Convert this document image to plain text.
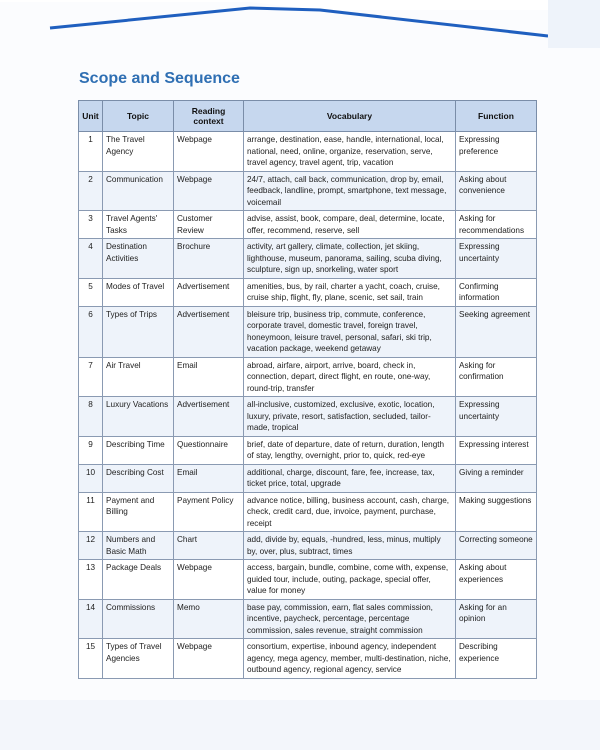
Scope and Sequence
Unit	Topic	Reading context	Vocabulary	Function
1	The Travel Agency	Webpage	arrange, destination, ease, handle, international, local, national, need, online, organize, reservation, serve, travel agency, travel agent, trip, vacation	Expressing preference
2	Communication	Webpage	24/7, attach, call back, communication, drop by, email, feedback, landline, prompt, smartphone, text message, voicemail	Asking about convenience
3	Travel Agents' Tasks	Customer Review	advise, assist, book, compare, deal, determine, locate, offer, recommend, reserve, sell	Asking for recommendations
4	Destination Activities	Brochure	activity, art gallery, climate, collection, jet skiing, lighthouse, museum, panorama, sailing, scuba diving, sculpture, sign up, snorkeling, water sport	Expressing uncertainty
5	Modes of Travel	Advertisement	amenities, bus, by rail, charter a yacht, coach, cruise, cruise ship, flight, fly, plane, scenic, set sail, train	Confirming information
6	Types of Trips	Advertisement	bleisure trip, business trip, commute, conference, corporate travel, domestic travel, foreign travel, honeymoon, leisure travel, personal, safari, ski trip, vacation package, weekend getaway	Seeking agreement
7	Air Travel	Email	abroad, airfare, airport, arrive, board, check in, connection, depart, direct flight, en route, one-way, round-trip, transfer	Asking for confirmation
8	Luxury Vacations	Advertisement	all-inclusive, customized, exclusive, exotic, location, luxury, private, resort, satisfaction, secluded, tailor-made, tropical	Expressing uncertainty
9	Describing Time	Questionnaire	brief, date of departure, date of return, duration, length of stay, lengthy, overnight, prior to, quick, red-eye	Expressing interest
10	Describing Cost	Email	additional, charge, discount, fare, fee, increase, tax, ticket price, total, upgrade	Giving a reminder
11	Payment and Billing	Payment Policy	advance notice, billing, business account, cash, charge, check, credit card, due, invoice, payment, purchase, receipt	Making suggestions
12	Numbers and Basic Math	Chart	add, divide by, equals, -hundred, less, minus, multiply by, over, plus, subtract, times	Correcting someone
13	Package Deals	Webpage	access, bargain, bundle, combine, come with, expense, guided tour, include, outing, package, special offer, value for money	Asking about experiences
14	Commissions	Memo	base pay, commission, earn, flat sales commission, incentive, paycheck, percentage, percentage commission, sales revenue, straight commission	Asking for an opinion
15	Types of Travel Agencies	Webpage	consortium, expertise, inbound agency, independent agency, mega agency, member, multi-destination, niche, outbound agency, regional agency, service	Describing experience
